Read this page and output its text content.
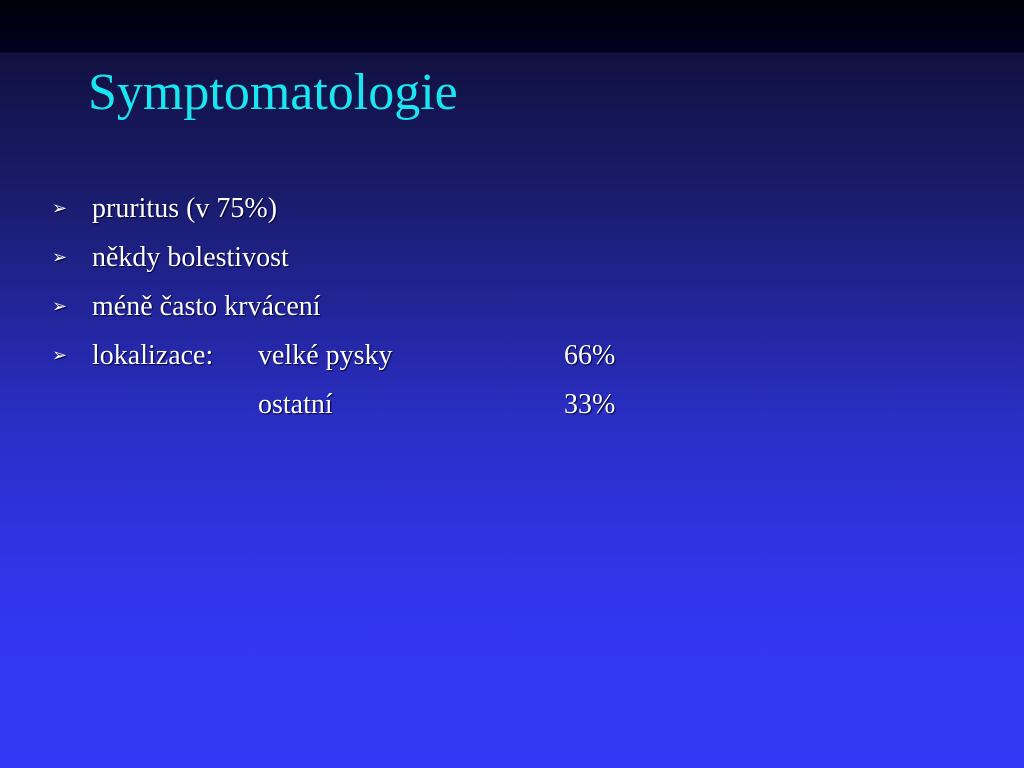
Symptomatologie
➢ pruritus (v 75%)
➢ někdy bolestivost
➢ méně často krvácení
➢ lokalizace: velké pysky	66%
ostatní	33%
